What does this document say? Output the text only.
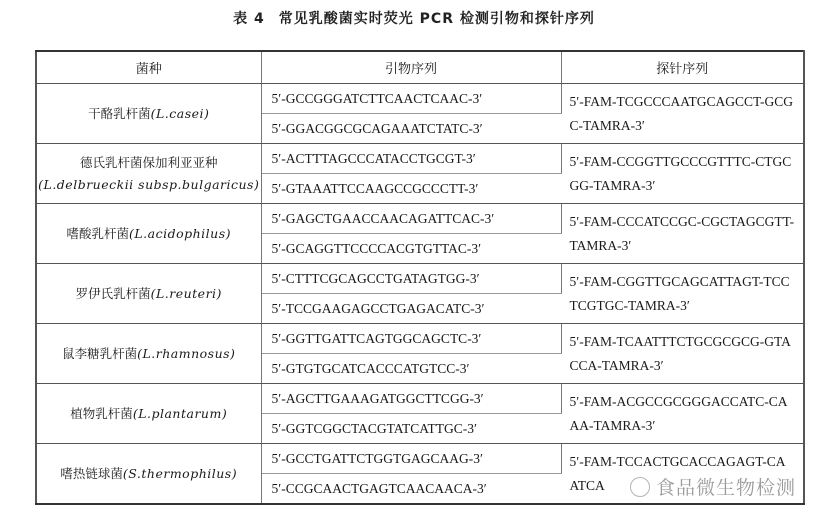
表 4 常见乳酸菌实时荧光 PCR 检测引物和探针序列
菌种	引物序列	探针序列
干酪乳杆菌(L.casei)	5′-GCCGGGATCTTCAACTCAAC-3′	5′-FAM-TCGCCCAATGCAGCCT-GCGC-TAMRA-3′
	5′-GGACGGCGCAGAAATCTATC-3′	
德氏乳杆菌保加利亚亚种
(L.delbrueckii subsp.bulgaricus)	5′-ACTTTAGCCCATACCTGCGT-3′	5′-FAM-CCGGTTGCCCGTTTC-CTGCGG-TAMRA-3′
	5′-GTAAATTCCAAGCCGCCCTT-3′	
嗜酸乳杆菌(L.acidophilus)	5′-GAGCTGAACCAACAGATTCAC-3′	5′-FAM-CCCATCCGC-CGCTAGCGTT-TAMRA-3′
	5′-GCAGGTTCCCCACGTGTTAC-3′	
罗伊氏乳杆菌(L.reuteri)	5′-CTTTCGCAGCCTGATAGTGG-3′	5′-FAM-CGGTTGCAGCATTAGT-TCCTCGTGC-TAMRA-3′
	5′-TCCGAAGAGCCTGAGACATC-3′	
鼠李糖乳杆菌(L.rhamnosus)	5′-GGTTGATTCAGTGGCAGCTC-3′	5′-FAM-TCAATTTCTGCGCGCG-GTACCA-TAMRA-3′
	5′-GTGTGCATCACCCATGTCC-3′	
植物乳杆菌(L.plantarum)	5′-AGCTTGAAAGATGGCTTCGG-3′	5′-FAM-ACGCCGCGGGACCATC-CAAA-TAMRA-3′
	5′-GGTCGGCTACGTATCATTGC-3′	
嗜热链球菌(S.thermophilus)	5′-GCCTGATTCTGGTGAGCAAG-3′	5′-FAM-TCCACTGCACCAGAGT-CAATCA
	5′-CCGCAACTGAGTCAACAACA-3′		食品微生物检测
